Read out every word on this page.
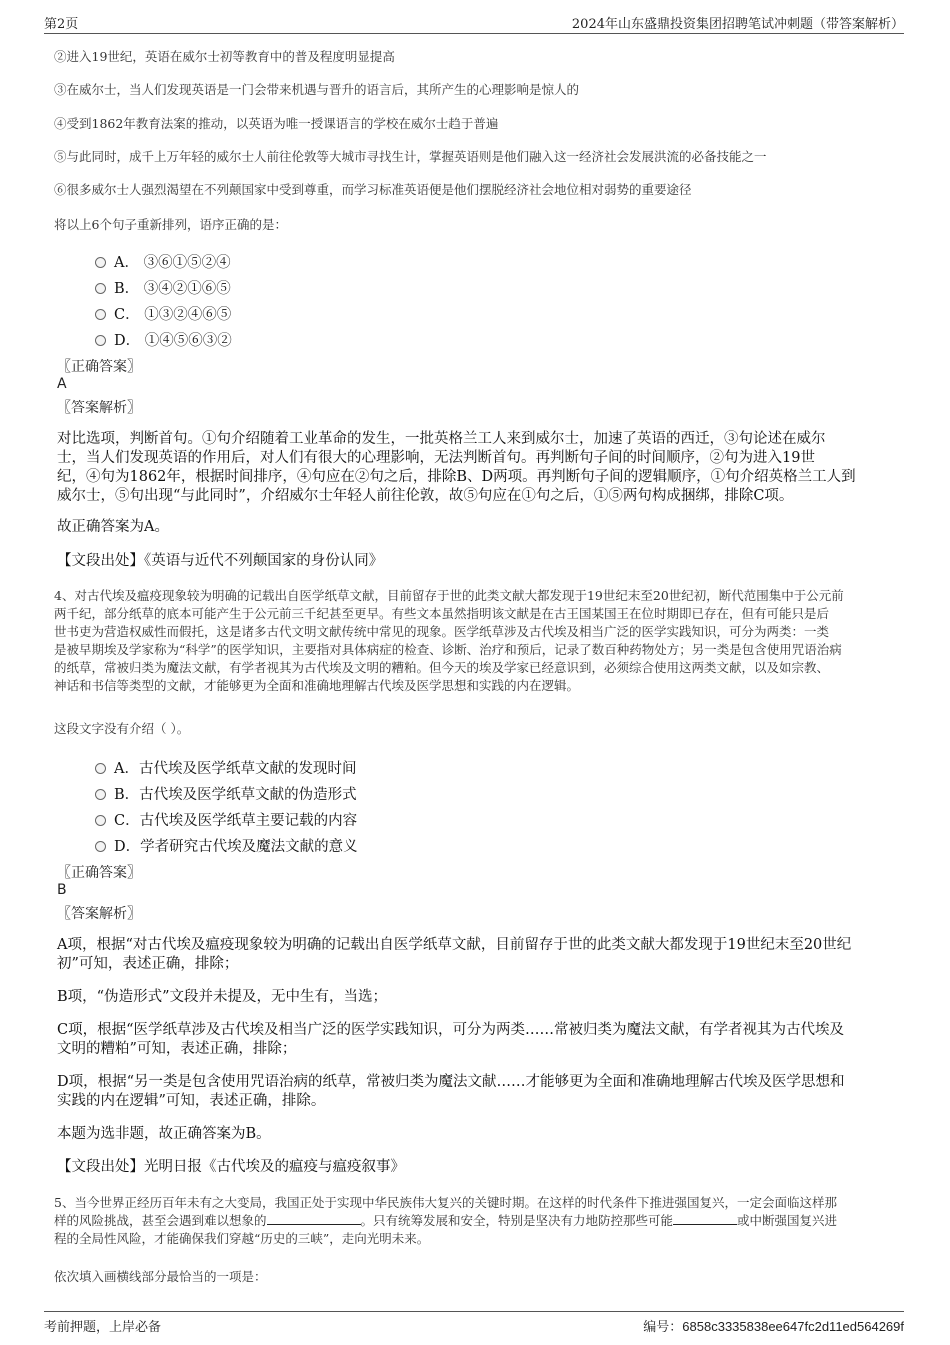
第2页	2024年山东盛鼎投资集团招聘笔试冲刺题（带答案解析）
②进入19世纪，英语在威尔士初等教育中的普及程度明显提高
③在威尔士，当人们发现英语是一门会带来机遇与晋升的语言后，其所产生的心理影响是惊人的
④受到1862年教育法案的推动，以英语为唯一授课语言的学校在威尔士趋于普遍
⑤与此同时，成千上万年轻的威尔士人前往伦敦等大城市寻找生计，掌握英语则是他们融入这一经济社会发展洪流的必备技能之一
⑥很多威尔士人强烈渴望在不列颠国家中受到尊重，而学习标准英语便是他们摆脱经济社会地位相对弱势的重要途径
将以上6个句子重新排列，语序正确的是：
A． ③⑥①⑤②④
B． ③④②①⑥⑤
C． ①③②④⑥⑤
D． ①④⑤⑥③②
〖正确答案〗
A
〖答案解析〗
对比选项，判断首句。①句介绍随着工业革命的发生，一批英格兰工人来到威尔士，加速了英语的西迁，③句论述在威尔
士，当人们发现英语的作用后，对人们有很大的心理影响，无法判断首句。再判断句子间的时间顺序，②句为进入19世
纪，④句为1862年，根据时间排序，④句应在②句之后，排除B、D两项。再判断句子间的逻辑顺序，①句介绍英格兰工人到
威尔士，⑤句出现“与此同时”，介绍威尔士年轻人前往伦敦，故⑤句应在①句之后，①⑤两句构成捆绑，排除C项。
故正确答案为A。
【文段出处】《英语与近代不列颠国家的身份认同》
4、对古代埃及瘟疫现象较为明确的记载出自医学纸草文献，目前留存于世的此类文献大都发现于19世纪末至20世纪初，断代范围集中于公元前
两千纪，部分纸草的底本可能产生于公元前三千纪甚至更早。有些文本虽然指明该文献是在古王国某国王在位时期即已存在，但有可能只是后
世书吏为营造权威性而假托，这是诸多古代文明文献传统中常见的现象。医学纸草涉及古代埃及相当广泛的医学实践知识，可分为两类：一类
是被早期埃及学家称为“科学”的医学知识，主要指对具体病症的检查、诊断、治疗和预后，记录了数百种药物处方；另一类是包含使用咒语治病
的纸草，常被归类为魔法文献，有学者视其为古代埃及文明的糟粕。但今天的埃及学家已经意识到，必须综合使用这两类文献，以及如宗教、
神话和书信等类型的文献，才能够更为全面和准确地理解古代埃及医学思想和实践的内在逻辑。
这段文字没有介绍（ ）。
A．古代埃及医学纸草文献的发现时间
B．古代埃及医学纸草文献的伪造形式
C．古代埃及医学纸草主要记载的内容
D．学者研究古代埃及魔法文献的意义
〖正确答案〗
B
〖答案解析〗
A项，根据“对古代埃及瘟疫现象较为明确的记载出自医学纸草文献，目前留存于世的此类文献大都发现于19世纪末至20世纪
初”可知，表述正确，排除；
B项，“伪造形式”文段并未提及，无中生有，当选；
C项，根据“医学纸草涉及古代埃及相当广泛的医学实践知识，可分为两类……常被归类为魔法文献，有学者视其为古代埃及
文明的糟粕”可知，表述正确，排除；
D项，根据“另一类是包含使用咒语治病的纸草，常被归类为魔法文献……才能够更为全面和准确地理解古代埃及医学思想和
实践的内在逻辑”可知，表述正确，排除。
本题为选非题，故正确答案为B。
【文段出处】光明日报《古代埃及的瘟疫与瘟疫叙事》
5、当今世界正经历百年未有之大变局，我国正处于实现中华民族伟大复兴的关键时期。在这样的时代条件下推进强国复兴，一定会面临这样那
样的风险挑战，甚至会遇到难以想象的	。只有统筹发展和安全，特别是坚决有力地防控那些可能	或中断强国复兴进
程的全局性风险，才能确保我们穿越“历史的三峡”，走向光明未来。
依次填入画横线部分最恰当的一项是：
考前押题，上岸必备	编号：6858c3335838ee647fc2d11ed564269f
